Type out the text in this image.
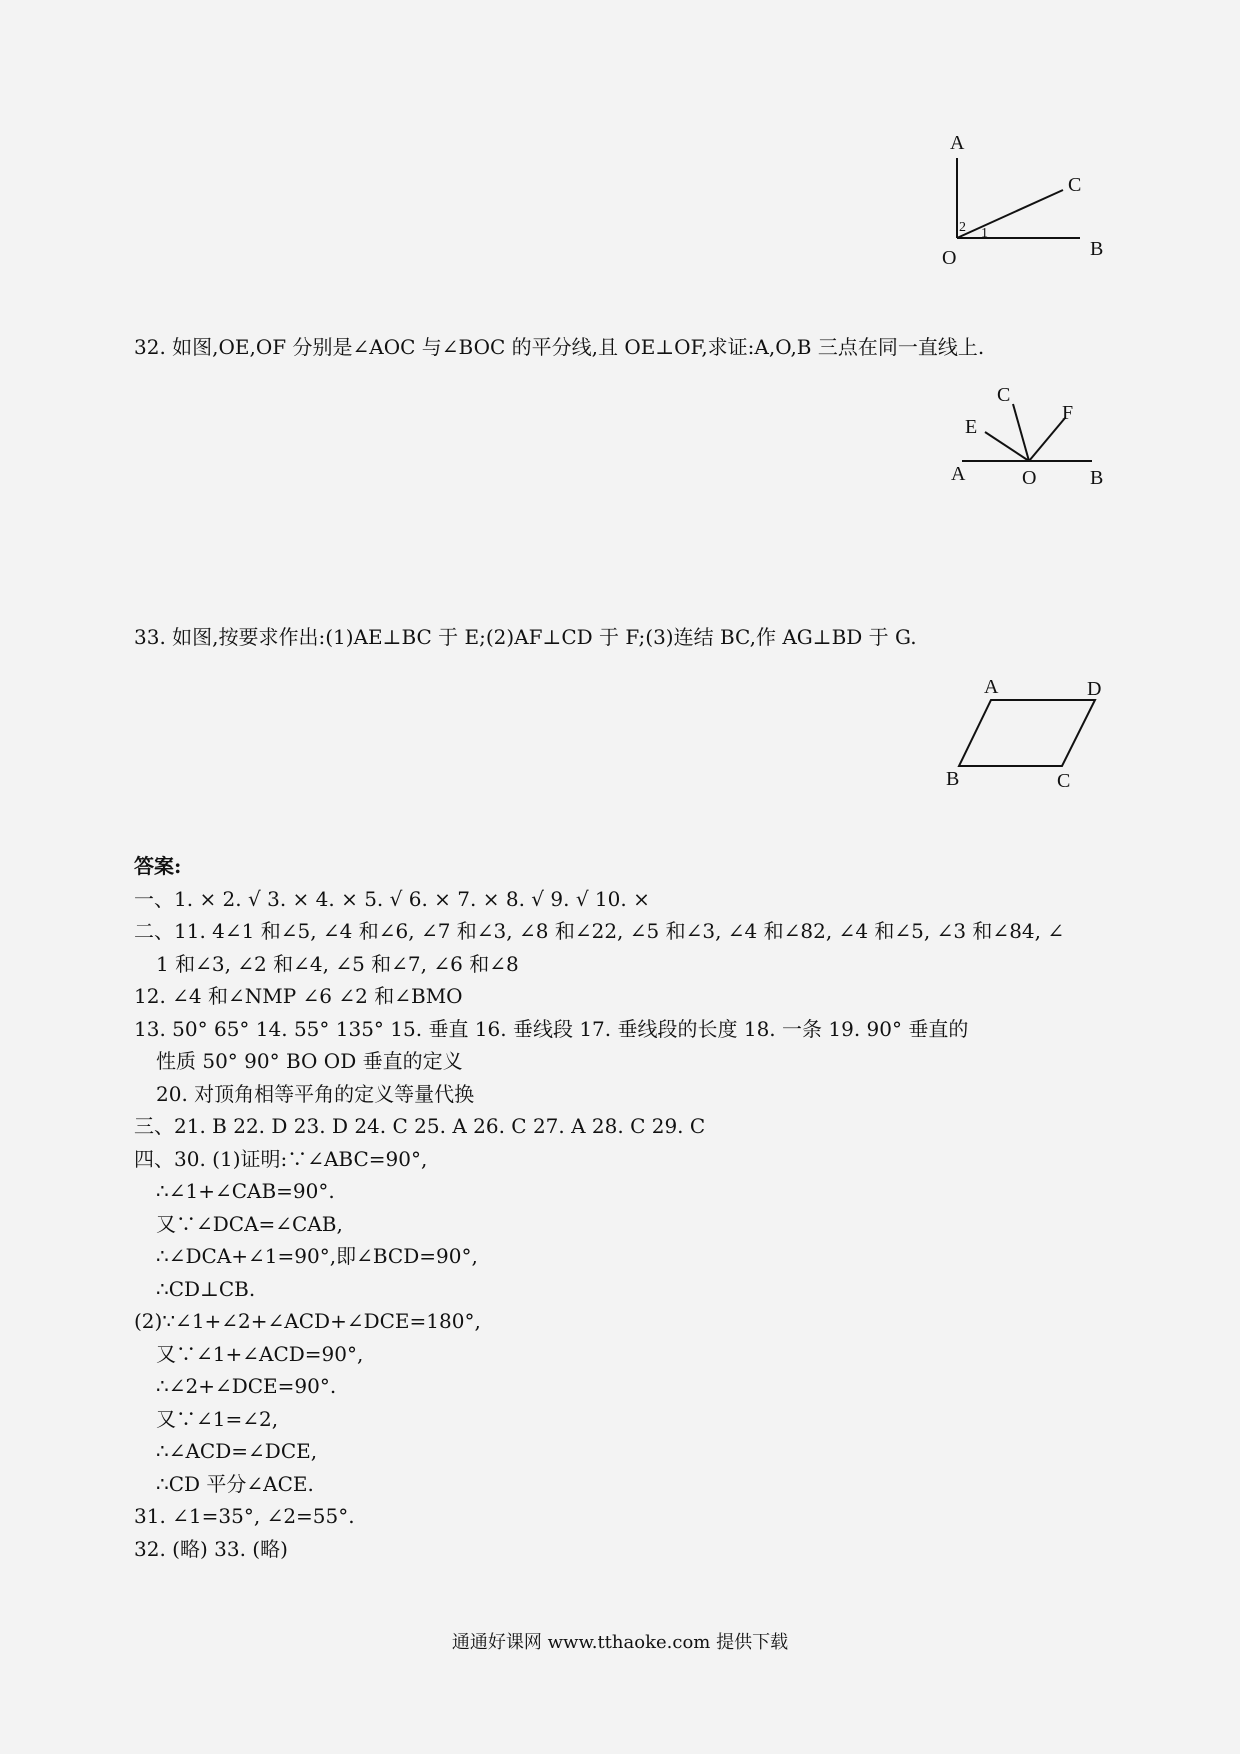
A
C
O	B
2 1
32. 如图,OE,OF 分别是∠AOC 与∠BOC 的平分线,且 OE⊥OF,求证:A,O,B 三点在同一直线上.
C
E
F
A	O	B
33. 如图,按要求作出:(1)AE⊥BC 于 E;(2)AF⊥CD 于 F;(3)连结 BC,作 AG⊥BD 于 G.
A	D
B	C
答案:
一、1. × 2. √ 3. × 4. × 5. √ 6. × 7. × 8. √ 9. √ 10. ×
二、11. 4∠1 和∠5, ∠4 和∠6, ∠7 和∠3, ∠8 和∠22, ∠5 和∠3, ∠4 和∠82, ∠4 和∠5, ∠3 和∠84, ∠
1 和∠3, ∠2 和∠4, ∠5 和∠7, ∠6 和∠8
12. ∠4 和∠NMP ∠6 ∠2 和∠BMO
13. 50° 65° 14. 55° 135° 15. 垂直 16. 垂线段 17. 垂线段的长度 18. 一条 19. 90° 垂直的
性质 50° 90° BO OD 垂直的定义
20. 对顶角相等平角的定义等量代换
三、21. B 22. D 23. D 24. C 25. A 26. C 27. A 28. C 29. C
四、30. (1)证明:∵∠ABC=90°,
∴∠1+∠CAB=90°.
又∵∠DCA=∠CAB,
∴∠DCA+∠1=90°,即∠BCD=90°,
∴CD⊥CB.
(2)∵∠1+∠2+∠ACD+∠DCE=180°,
又∵∠1+∠ACD=90°,
∴∠2+∠DCE=90°.
又∵∠1=∠2,
∴∠ACD=∠DCE,
∴CD 平分∠ACE.
31. ∠1=35°, ∠2=55°.
32. (略) 33. (略)
通通好课网 www.tthaoke.com 提供下载
